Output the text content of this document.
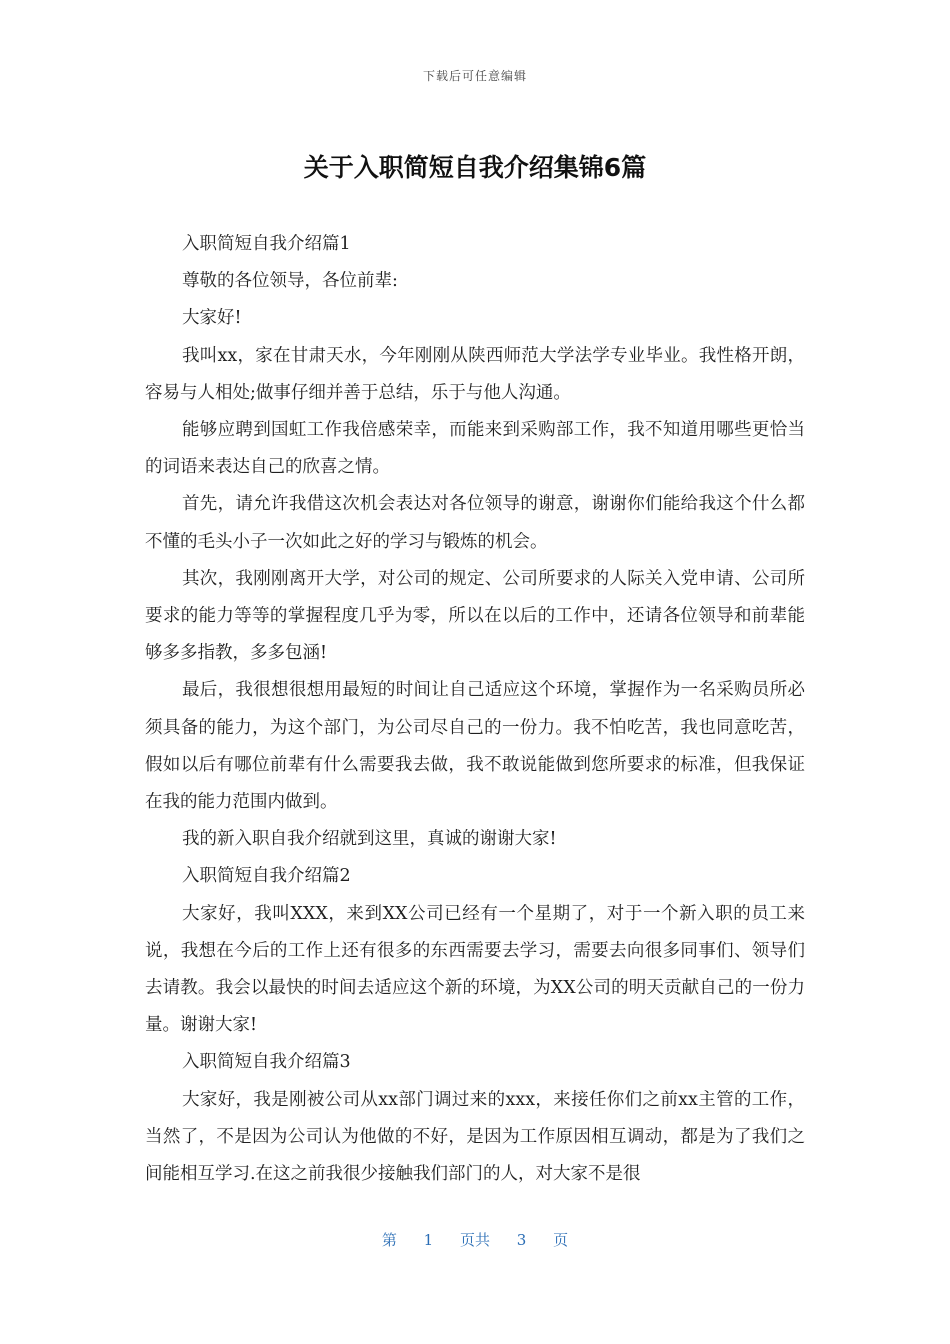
下载后可任意编辑
关于入职简短自我介绍集锦6篇

入职简短自我介绍篇1

尊敬的各位领导，各位前辈:

大家好!

我叫xx，家在甘肃天水，今年刚刚从陕西师范大学法学专业毕业。我性格开朗，容易与人相处;做事仔细并善于总结，乐于与他人沟通。

能够应聘到国虹工作我倍感荣幸，而能来到采购部工作，我不知道用哪些更恰当的词语来表达自己的欣喜之情。

首先，请允许我借这次机会表达对各位领导的谢意，谢谢你们能给我这个什么都不懂的毛头小子一次如此之好的学习与锻炼的机会。

其次，我刚刚离开大学，对公司的规定、公司所要求的人际关入党申请、公司所要求的能力等等的掌握程度几乎为零，所以在以后的工作中，还请各位领导和前辈能够多多指教，多多包涵!

最后，我很想很想用最短的时间让自己适应这个环境，掌握作为一名采购员所必须具备的能力，为这个部门，为公司尽自己的一份力。我不怕吃苦，我也同意吃苦，假如以后有哪位前辈有什么需要我去做，我不敢说能做到您所要求的标准，但我保证在我的能力范围内做到。

我的新入职自我介绍就到这里，真诚的谢谢大家!

入职简短自我介绍篇2

大家好，我叫XXX，来到XX公司已经有一个星期了，对于一个新入职的员工来说，我想在今后的工作上还有很多的东西需要去学习，需要去向很多同事们、领导们去请教。我会以最快的时间去适应这个新的环境，为XX公司的明天贡献自己的一份力量。谢谢大家!

入职简短自我介绍篇3

大家好，我是刚被公司从xx部门调过来的xxx，来接任你们之前xx主管的工作，当然了，不是因为公司认为他做的不好，是因为工作原因相互调动，都是为了我们之间能相互学习.在这之前我很少接触我们部门的人，对大家不是很

第 1 页共 3 页
